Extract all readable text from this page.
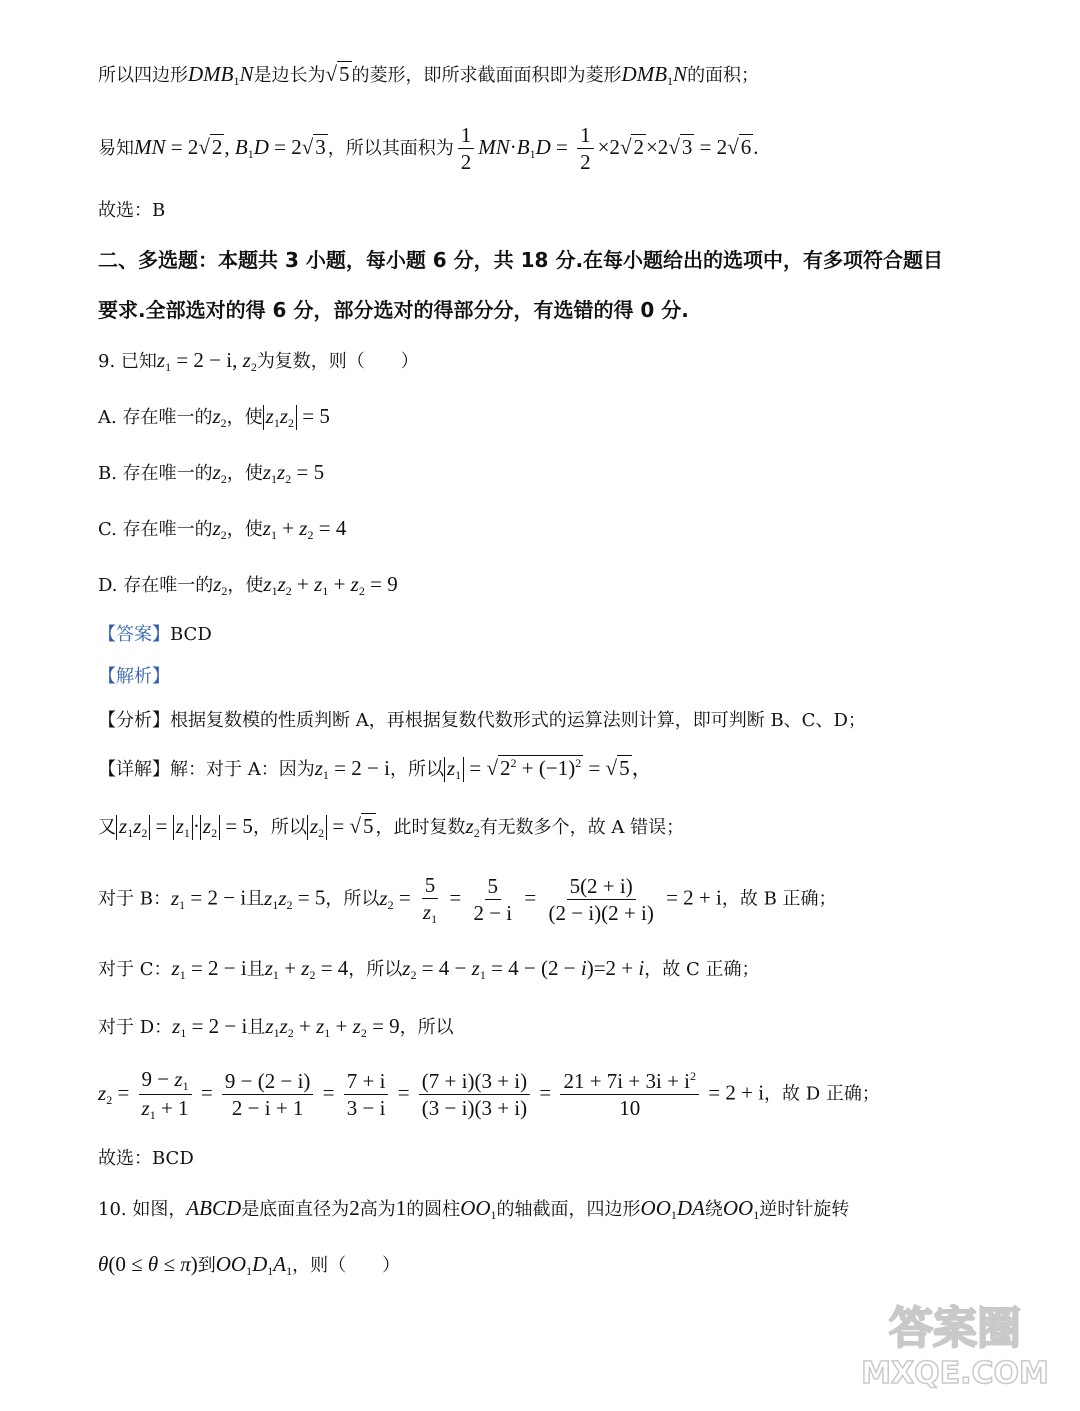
所以四边形$DMB_1N$是边长为√5 的菱形，即所求截面面积即为菱形$DMB_1N$的面积；
易知MN = 2√2, $B_1D = 2√3$ ，所以其面积为 $\frac{1}{2} MN\cdot B_1D = \frac{1}{2} \times 2√2\times 2√3 = 2√6$.
故选：B
二、多选题：本题共 3 小题，每小题 6 分，共 18 分.在每小题给出的选项中，有多项符合题目
要求.全部选对的得 6 分，部分选对的得部分分，有选错的得 0 分.
9. 已知$z_1 = 2 - i$, $z_2$为复数，则（　　）
A. 存在唯一的$z_2$，使 $z_1z_2 = 5$
B. 存在唯一的$z_2$，使$z_1z_2 = 5$
C. 存在唯一的$z_2$，使$z_1 + z_2 = 4$
D. 存在唯一的$z_2$，使$z_1z_2 + z_1 + z_2 = 9$
【答案】BCD
【解析】
【分析】根据复数模的性质判断 A，再根据复数代数形式的运算法则计算，即可判断 B、C、D；
【详解】解：对于 A：因为$z_1 = 2 - i$，所以 $z_1 = √2^2 + (-1)^2 = √5$，
又 $z_1z_2 = z_1 \cdot z_2 = 5$，所以 $z_2 = √5$ ，此时复数$z_2$有无数多个，故 A 错误；
对于 B：$z_1 = 2 - i$且$z_1z_2 = 5$，所以$z_2 = \frac{5}{z_1} = \frac{5}{2 - i} = \frac{5(2 + i)}{(2 - i)(2 + i)} = 2 + i$，故 B 正确；
对于 C：$z_1 = 2 - i$且$z_1 + z_2 = 4$，所以$z_2 = 4 - z_1 = 4 - (2 - i)=2 + i$，故 C 正确；
对于 D：$z_1 = 2 - i$且$z_1z_2 + z_1 + z_2 = 9$，所以
$z_2 = \frac{9 - z_1}{z_1 + 1} = \frac{9 - (2 - i)}{2 - i + 1} = \frac{7 + i}{3 - i} = \frac{(7 + i)(3 + i)}{(3 - i)(3 + i)} = \frac{21 + 7i + 3i + i^2}{10} = 2 + i$，故 D 正确；
故选：BCD
10. 如图，ABCD是底面直径为2高为1的圆柱$OO_1$的轴截面，四边形$OO_1DA$绕$OO_1$逆时针旋转
θ(0 ≤ θ ≤ π)到$OO_1D_1A_1$，则（　　）
答案圈
MXQE.COM
